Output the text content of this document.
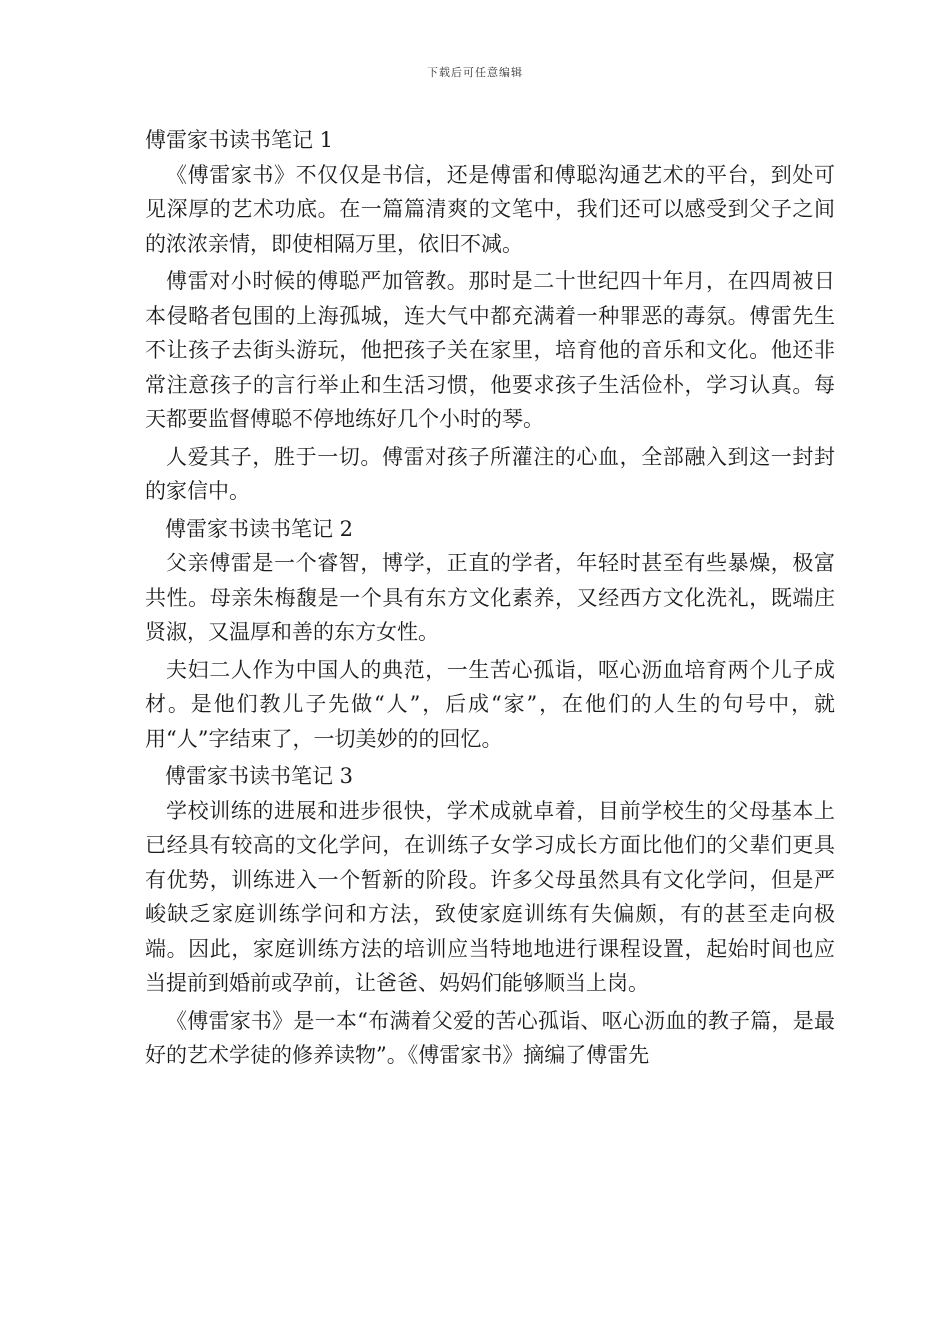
下载后可任意编辑
傅雷家书读书笔记 1

《傅雷家书》不仅仅是书信，还是傅雷和傅聪沟通艺术的平台，到处可见深厚的艺术功底。在一篇篇清爽的文笔中，我们还可以感受到父子之间的浓浓亲情，即使相隔万里，依旧不减。

傅雷对小时候的傅聪严加管教。那时是二十世纪四十年月，在四周被日本侵略者包围的上海孤城，连大气中都充满着一种罪恶的毒氛。傅雷先生不让孩子去街头游玩，他把孩子关在家里，培育他的音乐和文化。他还非常注意孩子的言行举止和生活习惯，他要求孩子生活俭朴，学习认真。每天都要监督傅聪不停地练好几个小时的琴。

人爱其子，胜于一切。傅雷对孩子所灌注的心血，全部融入到这一封封的家信中。

傅雷家书读书笔记 2

父亲傅雷是一个睿智，博学，正直的学者，年轻时甚至有些暴燥，极富共性。母亲朱梅馥是一个具有东方文化素养，又经西方文化洗礼，既端庄贤淑，又温厚和善的东方女性。

夫妇二人作为中国人的典范，一生苦心孤诣，呕心沥血培育两个儿子成材。是他们教儿子先做“人”，后成“家”，在他们的人生的句号中，就用“人”字结束了，一切美妙的的回忆。

傅雷家书读书笔记 3

学校训练的进展和进步很快，学术成就卓着，目前学校生的父母基本上已经具有较高的文化学问，在训练子女学习成长方面比他们的父辈们更具有优势，训练进入一个暂新的阶段。许多父母虽然具有文化学问，但是严峻缺乏家庭训练学问和方法，致使家庭训练有失偏颇，有的甚至走向极端。因此，家庭训练方法的培训应当特地地进行课程设置，起始时间也应当提前到婚前或孕前，让爸爸、妈妈们能够顺当上岗。

《傅雷家书》是一本“布满着父爱的苦心孤诣、呕心沥血的教子篇，是最好的艺术学徒的修养读物”。《傅雷家书》摘编了傅雷先
